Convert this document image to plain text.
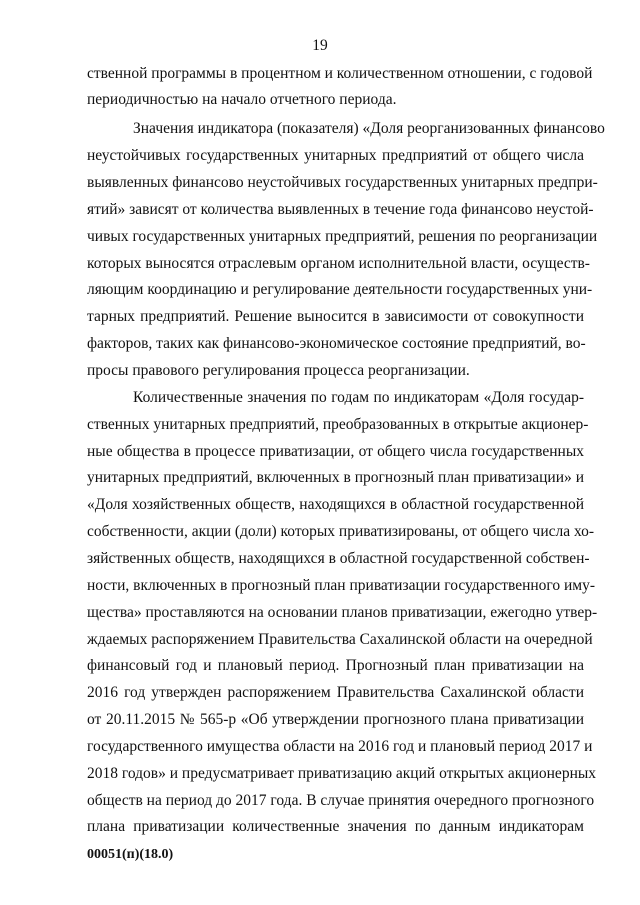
19
ственной программы в процентном и количественном отношении, с годовой
периодичностью на начало отчетного периода.
Значения индикатора (показателя) «Доля реорганизованных финансово
неустойчивых государственных унитарных предприятий от общего числа
выявленных финансово неустойчивых государственных унитарных предпри-
ятий» зависят от количества выявленных в течение года финансово неустой-
чивых государственных унитарных предприятий, решения по реорганизации
которых выносятся отраслевым органом исполнительной власти, осуществ-
ляющим координацию и регулирование деятельности государственных уни-
тарных предприятий. Решение выносится в зависимости от совокупности
факторов, таких как финансово-экономическое состояние предприятий, во-
просы правового регулирования процесса реорганизации.
Количественные значения по годам по индикаторам «Доля государ-
ственных унитарных предприятий, преобразованных в открытые акционер-
ные общества в процессе приватизации, от общего числа государственных
унитарных предприятий, включенных в прогнозный план приватизации» и
«Доля хозяйственных обществ, находящихся в областной государственной
собственности, акции (доли) которых приватизированы, от общего числа хо-
зяйственных обществ, находящихся в областной государственной собствен-
ности, включенных в прогнозный план приватизации государственного иму-
щества» проставляются на основании планов приватизации, ежегодно утвер-
ждаемых распоряжением Правительства Сахалинской области на очередной
финансовый год и плановый период. Прогнозный план приватизации на
2016 год утвержден распоряжением Правительства Сахалинской области
от 20.11.2015 № 565-р «Об утверждении прогнозного плана приватизации
государственного имущества области на 2016 год и плановый период 2017 и
2018 годов» и предусматривает приватизацию акций открытых акционерных
обществ на период до 2017 года. В случае принятия очередного прогнозного
плана приватизации количественные значения по данным индикаторам
00051(п)(18.0)
